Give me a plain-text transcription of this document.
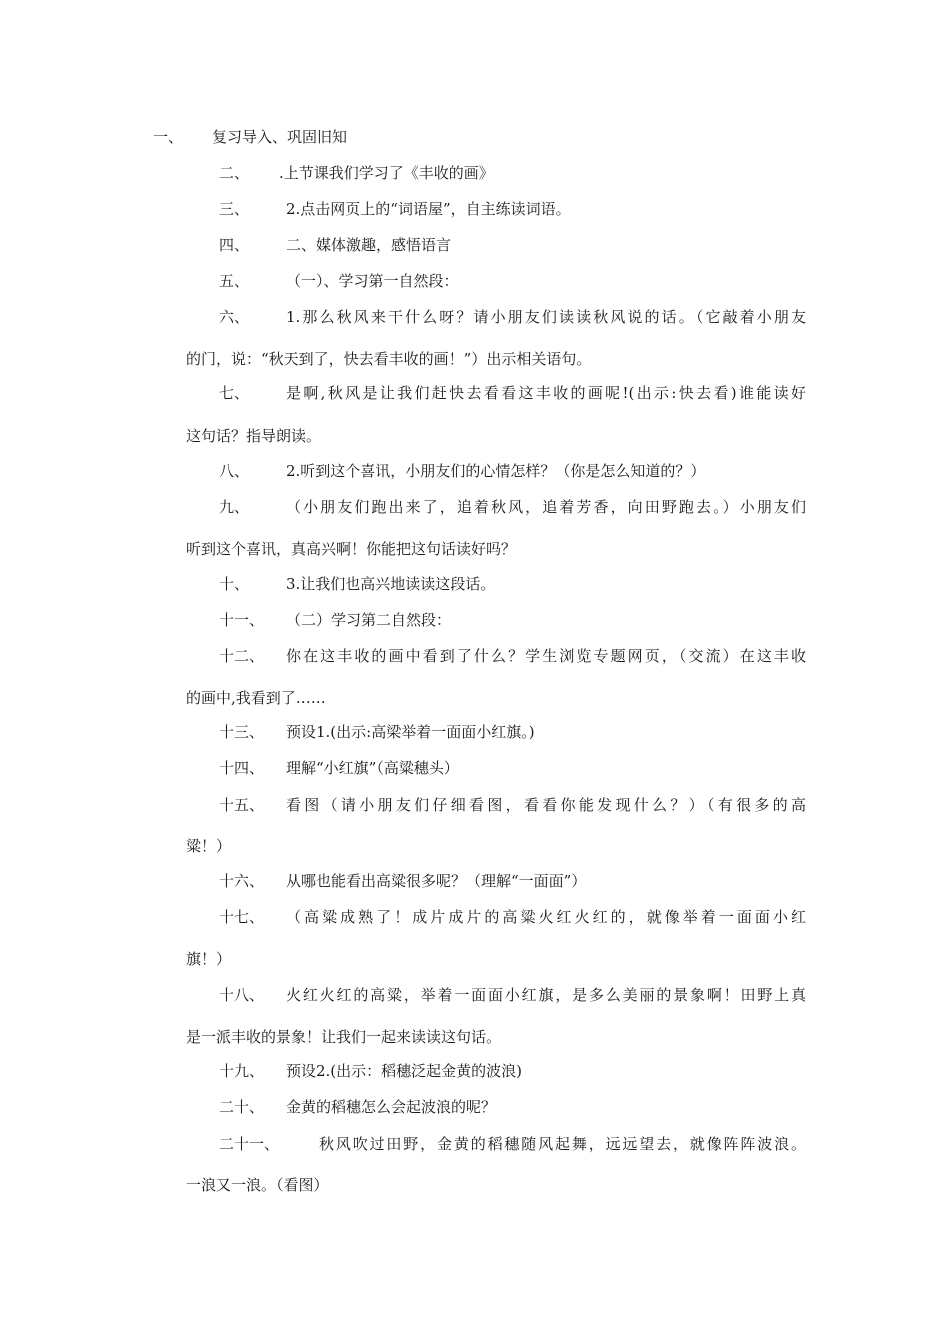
一、 复习导入、巩固旧知
二、 .上节课我们学习了《丰收的画》
三、 2.点击网页上的“词语屋”，自主练读词语。
四、 二、媒体激趣，感悟语言
五、 （一）、学习第一自然段：
六、 1.那么秋风来干什么呀？请小朋友们读读秋风说的话。（它敲着小朋友
的门，说：“秋天到了，快去看丰收的画！”）出示相关语句。
七、 是啊,秋风是让我们赶快去看看这丰收的画呢!(出示:快去看)谁能读好
这句话？指导朗读。
八、 2.听到这个喜讯，小朋友们的心情怎样？（你是怎么知道的？）
九、 （小朋友们跑出来了，追着秋风，追着芳香，向田野跑去。）小朋友们
听到这个喜讯，真高兴啊！你能把这句话读好吗？
十、 3.让我们也高兴地读读这段话。
十一、 （二）学习第二自然段：
十二、 你在这丰收的画中看到了什么？学生浏览专题网页，（交流）在这丰收
的画中,我看到了……
十三、 预设1.(出示:高梁举着一面面小红旗。)
十四、 理解“小红旗”（高粱穗头）
十五、 看图（请小朋友们仔细看图，看看你能发现什么？）（有很多的高
粱！）
十六、 从哪也能看出高粱很多呢？（理解“一面面”）
十七、 （高粱成熟了！成片成片的高粱火红火红的，就像举着一面面小红
旗！）
十八、 火红火红的高粱，举着一面面小红旗，是多么美丽的景象啊！田野上真
是一派丰收的景象！让我们一起来读读这句话。
十九、 预设2.(出示：稻穗泛起金黄的波浪)
二十、 金黄的稻穗怎么会起波浪的呢？
二十一、	秋风吹过田野，金黄的稻穗随风起舞，远远望去，就像阵阵波浪。
一浪又一浪。（看图）
